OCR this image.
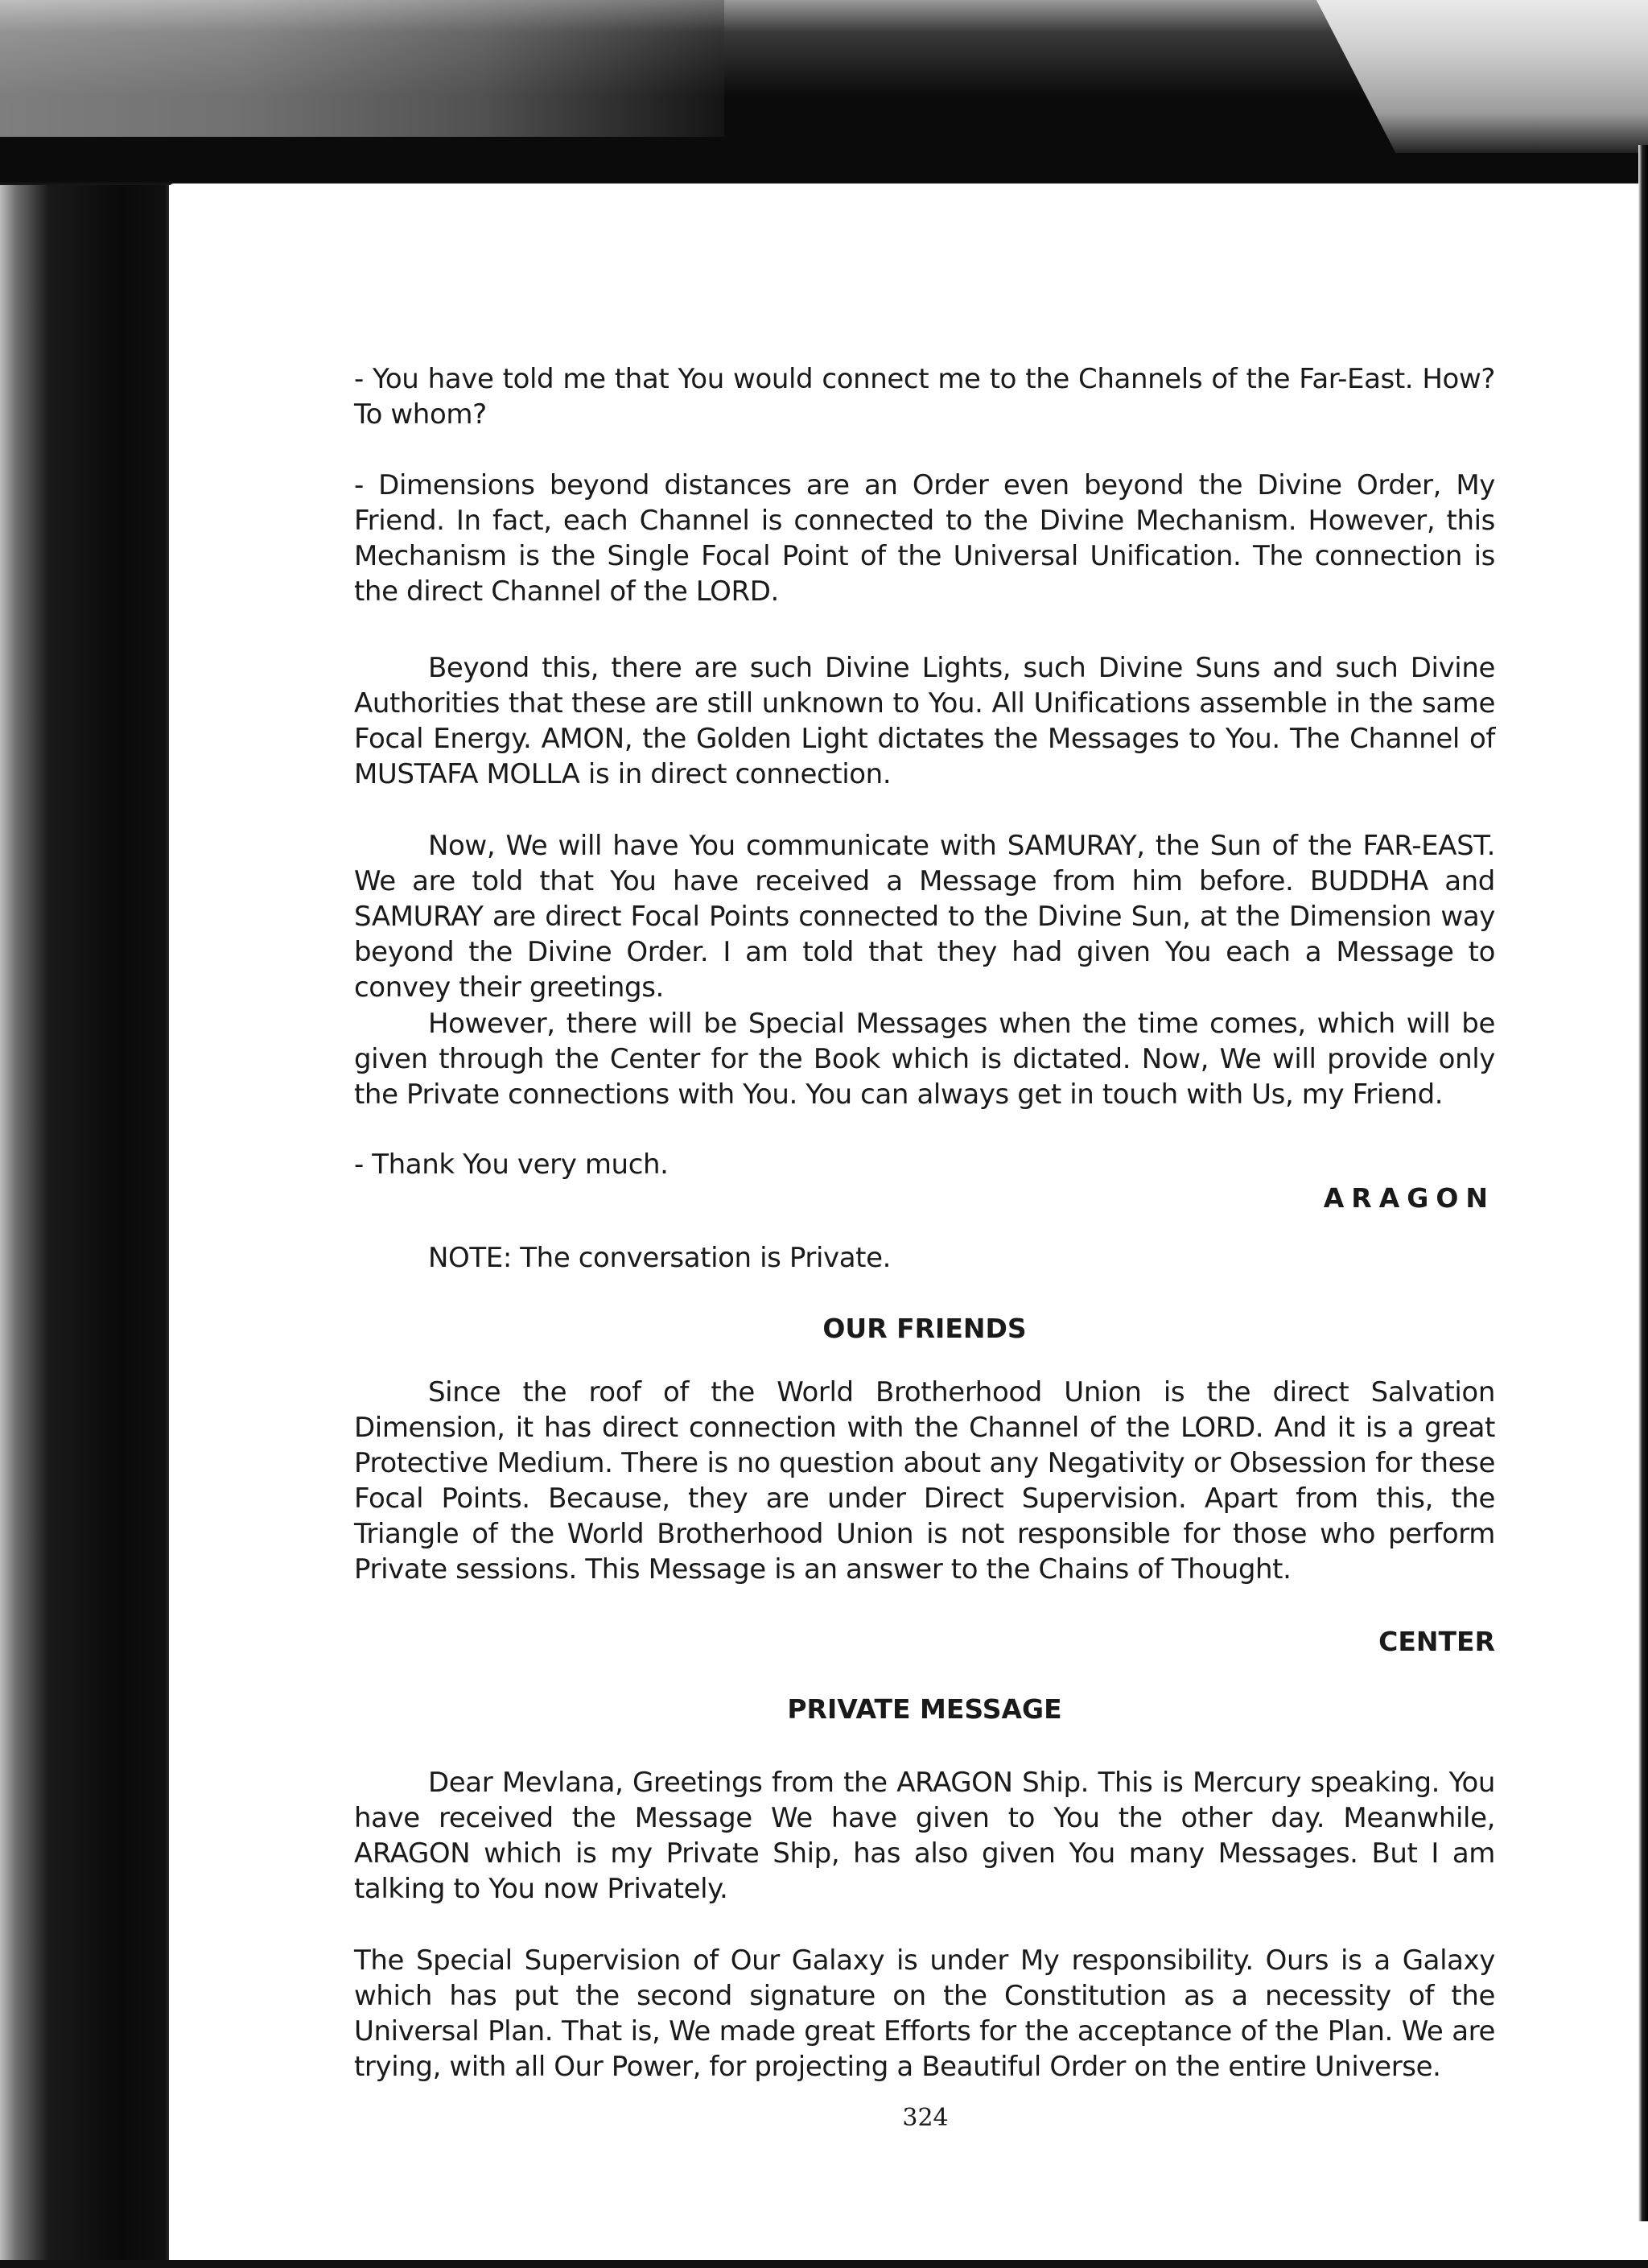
- You have told me that You would connect me to the Channels of the Far-East. How? To whom?

- Dimensions beyond distances are an Order even beyond the Divine Order, My Friend. In fact, each Channel is connected to the Divine Mechanism. However, this Mechanism is the Single Focal Point of the Universal Unification. The connection is the direct Channel of the LORD.

Beyond this, there are such Divine Lights, such Divine Suns and such Divine Authorities that these are still unknown to You. All Unifications assemble in the same Focal Energy. AMON, the Golden Light dictates the Messages to You. The Channel of MUSTAFA MOLLA is in direct connection.

Now, We will have You communicate with SAMURAY, the Sun of the FAR-EAST. We are told that You have received a Message from him before. BUDDHA and SAMURAY are direct Focal Points connected to the Divine Sun, at the Dimension way beyond the Divine Order. I am told that they had given You each a Message to convey their greetings.

However, there will be Special Messages when the time comes, which will be given through the Center for the Book which is dictated. Now, We will provide only the Private connections with You. You can always get in touch with Us, my Friend.

- Thank You very much.

ARAGON

NOTE: The conversation is Private.

OUR FRIENDS

Since the roof of the World Brotherhood Union is the direct Salvation Dimension, it has direct connection with the Channel of the LORD. And it is a great Protective Medium. There is no question about any Negativity or Obsession for these Focal Points. Because, they are under Direct Supervision. Apart from this, the Triangle of the World Brotherhood Union is not responsible for those who perform Private sessions. This Message is an answer to the Chains of Thought.

CENTER

PRIVATE MESSAGE

Dear Mevlana, Greetings from the ARAGON Ship. This is Mercury speaking. You have received the Message We have given to You the other day. Meanwhile, ARAGON which is my Private Ship, has also given You many Messages. But I am talking to You now Privately.

The Special Supervision of Our Galaxy is under My responsibility. Ours is a Galaxy which has put the second signature on the Constitution as a necessity of the Universal Plan. That is, We made great Efforts for the acceptance of the Plan. We are trying, with all Our Power, for projecting a Beautiful Order on the entire Universe.

324
